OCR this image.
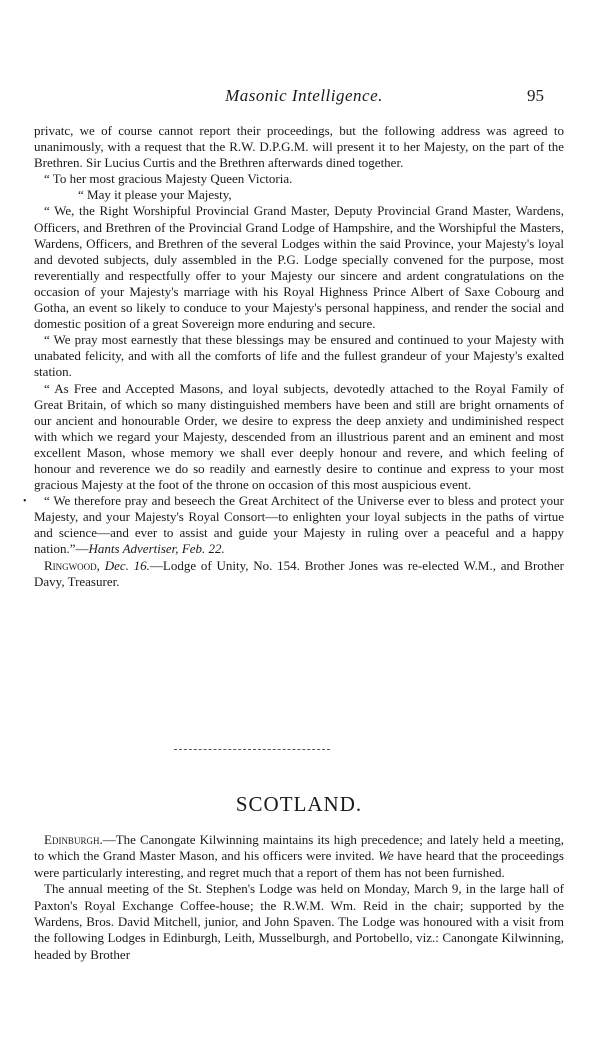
Masonic Intelligence.	95

privatc, we of course cannot report their proceedings, but the following address was agreed to unanimously, with a request that the R.W. D.P.G.M. will present it to her Majesty, on the part of the Brethren. Sir Lucius Curtis and the Brethren afterwards dined together.

“ To her most gracious Majesty Queen Victoria.

“ May it please your Majesty,

“ We, the Right Worshipful Provincial Grand Master, Deputy Provincial Grand Master, Wardens, Officers, and Brethren of the Provincial Grand Lodge of Hampshire, and the Worshipful the Masters, Wardens, Officers, and Brethren of the several Lodges within the said Province, your Majesty's loyal and devoted subjects, duly assembled in the P.G. Lodge specially convened for the purpose, most reverentially and respectfully offer to your Majesty our sincere and ardent congratulations on the occasion of your Majesty's marriage with his Royal Highness Prince Albert of Saxe Cobourg and Gotha, an event so likely to conduce to your Majesty's personal happiness, and render the social and domestic position of a great Sovereign more enduring and secure.

“ We pray most earnestly that these blessings may be ensured and continued to your Majesty with unabated felicity, and with all the comforts of life and the fullest grandeur of your Majesty's exalted station.

“ As Free and Accepted Masons, and loyal subjects, devotedly attached to the Royal Family of Great Britain, of which so many distinguished members have been and still are bright ornaments of our ancient and honourable Order, we desire to express the deep anxiety and undiminished respect with which we regard your Majesty, descended from an illustrious parent and an eminent and most excellent Mason, whose memory we shall ever deeply honour and revere, and which feeling of honour and reverence we do so readily and earnestly desire to continue and express to your most gracious Majesty at the foot of the throne on occasion of this most auspicious event.

“ We therefore pray and beseech the Great Architect of the Universe ever to bless and protect your Majesty, and your Majesty's Royal Consort—to enlighten your loyal subjects in the paths of virtue and science—and ever to assist and guide your Majesty in ruling over a peaceful and a happy nation.”—Hants Advertiser, Feb. 22.

Ringwood, Dec. 16.—Lodge of Unity, No. 154. Brother Jones was re-elected W.M., and Brother Davy, Treasurer.

•
SCOTLAND.

Edinburgh.—The Canongate Kilwinning maintains its high precedence; and lately held a meeting, to which the Grand Master Mason, and his officers were invited. We have heard that the proceedings were particularly interesting, and regret much that a report of them has not been furnished.

The annual meeting of the St. Stephen's Lodge was held on Monday, March 9, in the large hall of Paxton's Royal Exchange Coffee-house; the R.W.M. Wm. Reid in the chair; supported by the Wardens, Bros. David Mitchell, junior, and John Spaven. The Lodge was honoured with a visit from the following Lodges in Edinburgh, Leith, Musselburgh, and Portobello, viz.: Canongate Kilwinning, headed by Brother
